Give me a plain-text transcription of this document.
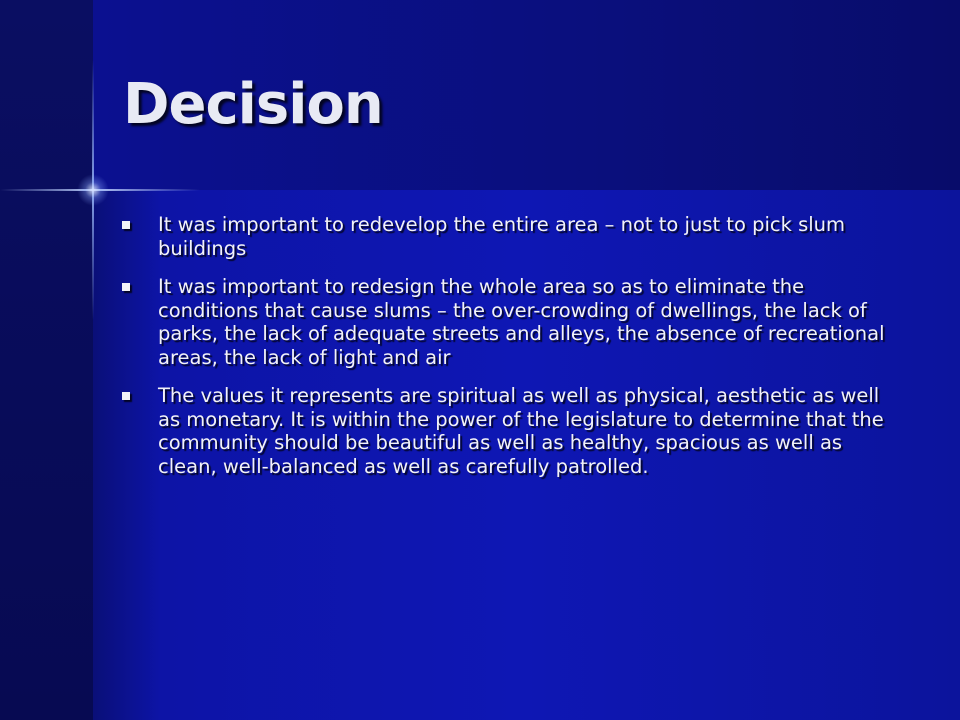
Decision
It was important to redevelop the entire area – not to just to pick slum buildings
It was important to redesign the whole area so as to eliminate the conditions that cause slums – the over-crowding of dwellings, the lack of parks, the lack of adequate streets and alleys, the absence of recreational areas, the lack of light and air
The values it represents are spiritual as well as physical, aesthetic as well as monetary. It is within the power of the legislature to determine that the community should be beautiful as well as healthy, spacious as well as clean, well-balanced as well as carefully patrolled.
